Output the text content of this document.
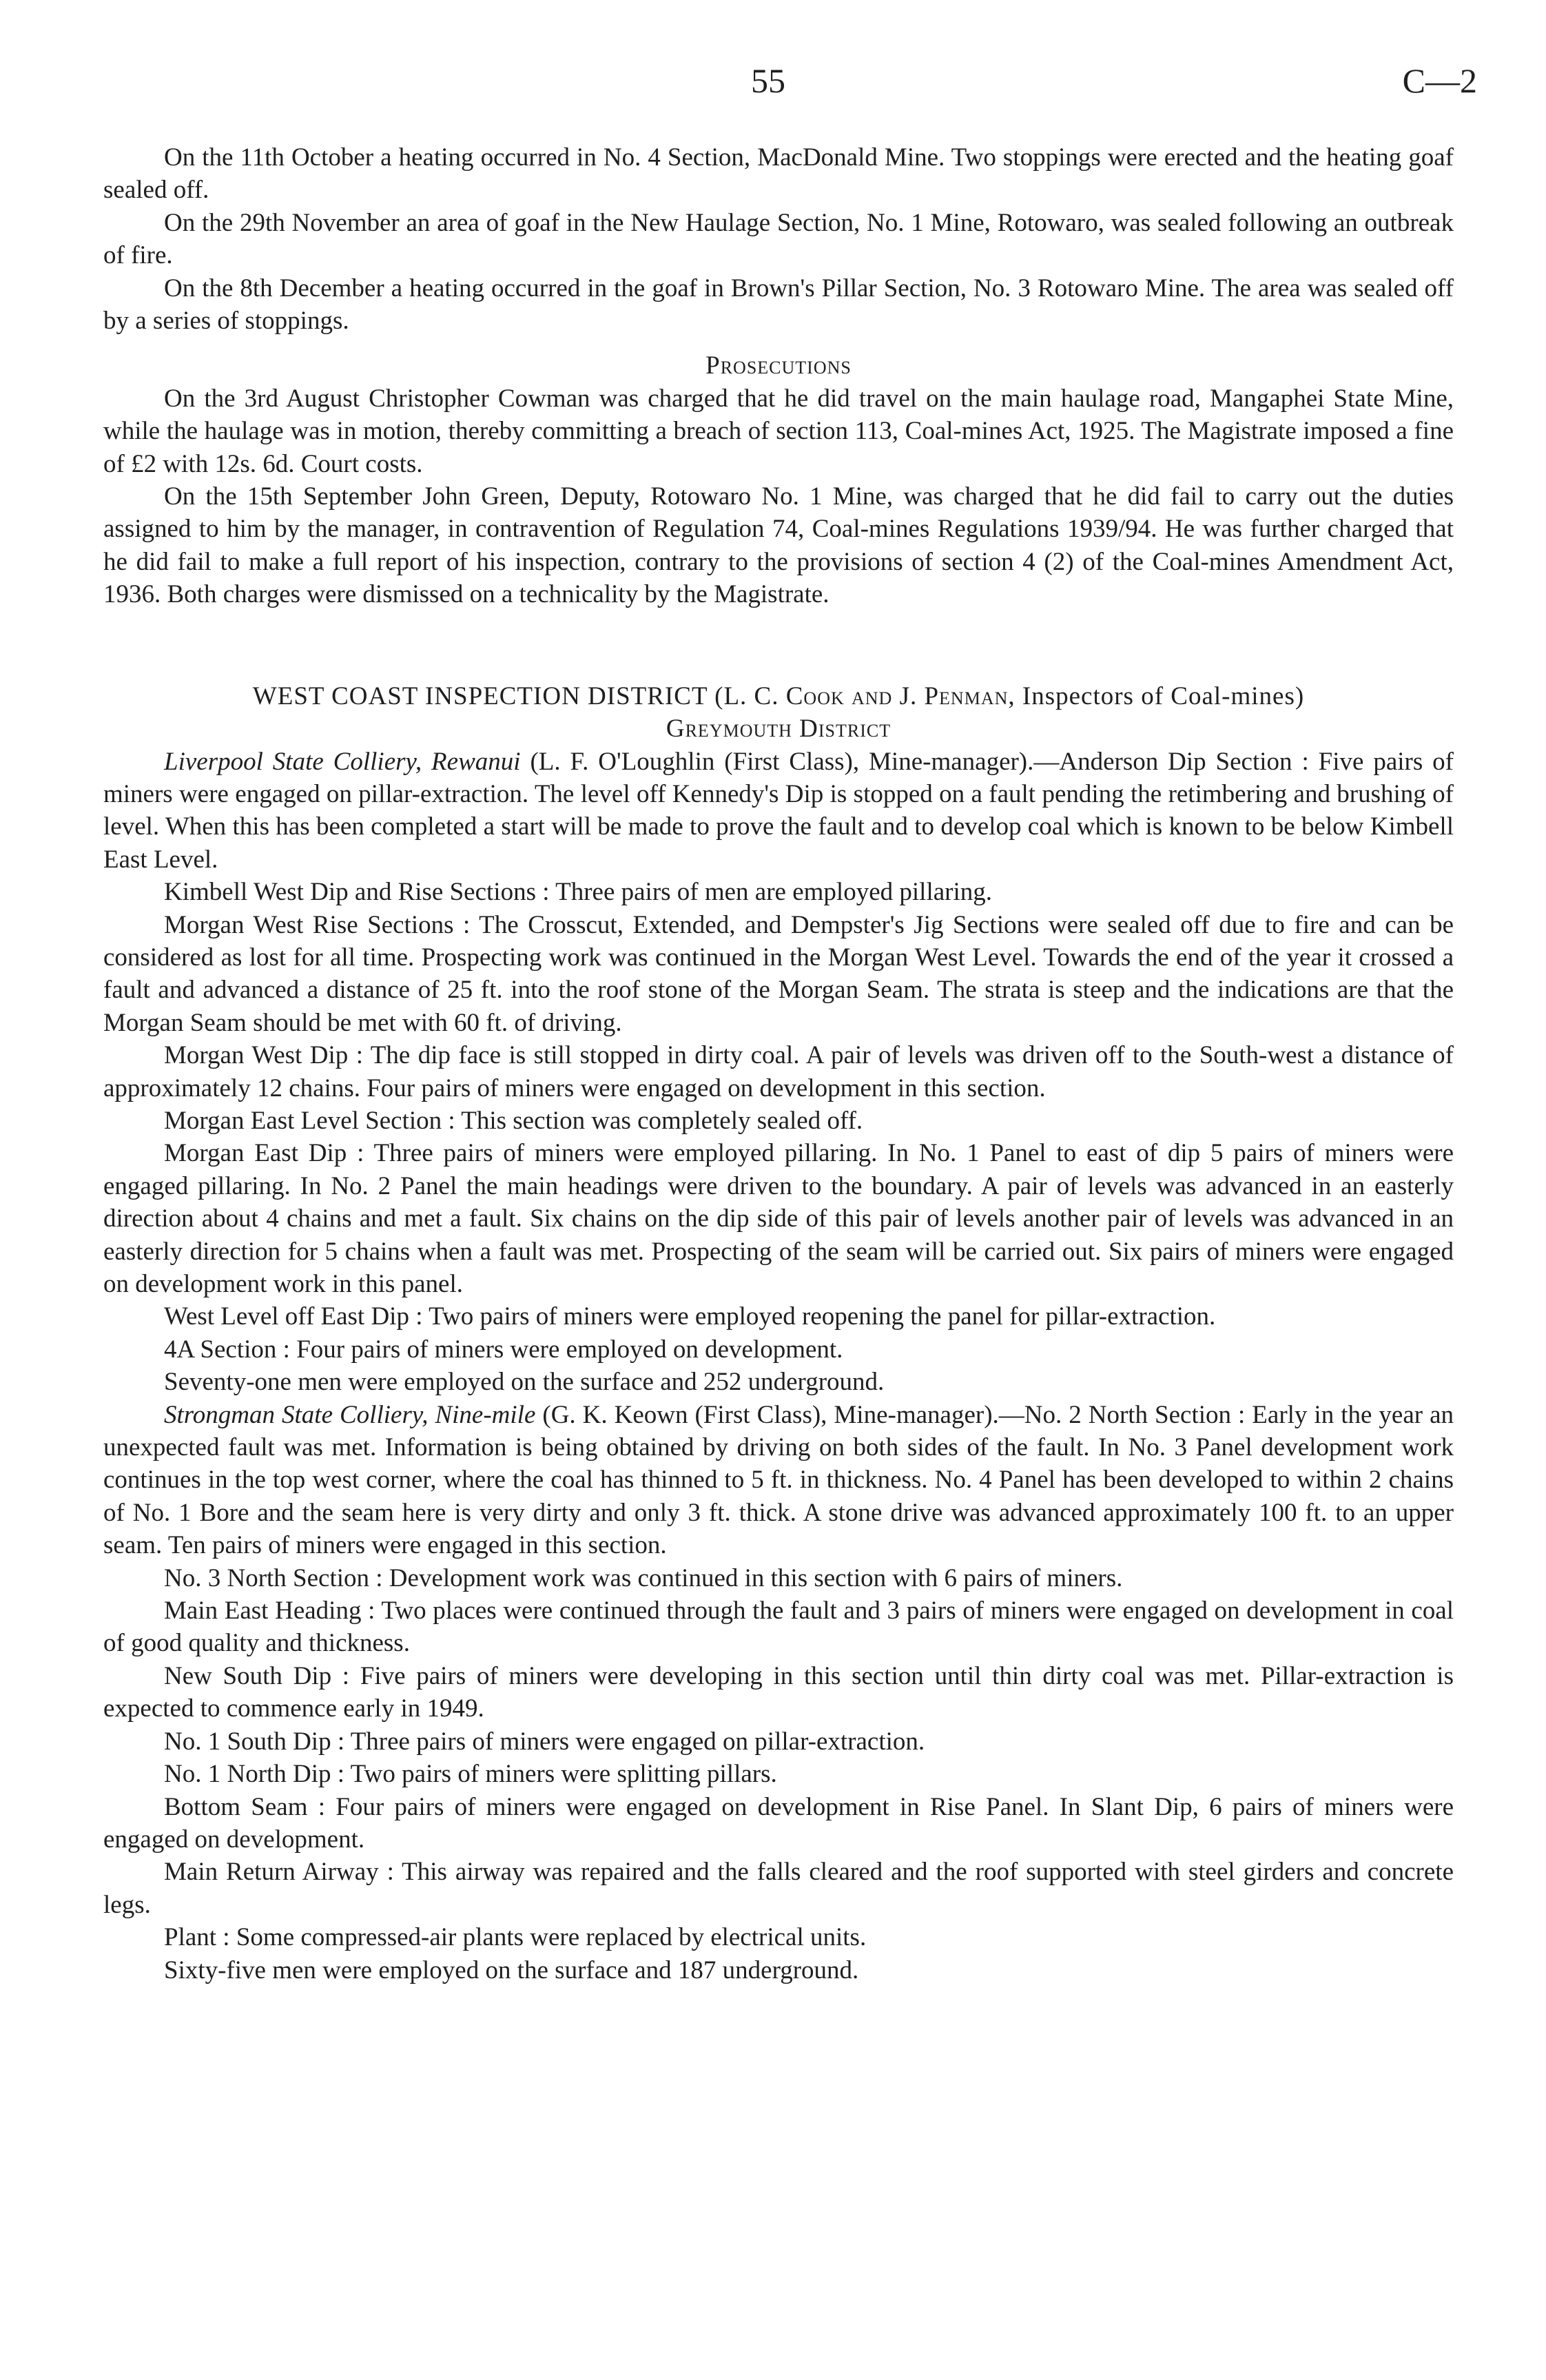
55	C—2

On the 11th October a heating occurred in No. 4 Section, MacDonald Mine. Two stoppings were erected and the heating goaf sealed off.

On the 29th November an area of goaf in the New Haulage Section, No. 1 Mine, Rotowaro, was sealed following an outbreak of fire.

On the 8th December a heating occurred in the goaf in Brown's Pillar Section, No. 3 Rotowaro Mine. The area was sealed off by a series of stoppings.

Prosecutions

On the 3rd August Christopher Cowman was charged that he did travel on the main haulage road, Mangaphei State Mine, while the haulage was in motion, thereby committing a breach of section 113, Coal-mines Act, 1925. The Magistrate imposed a fine of £2 with 12s. 6d. Court costs.

On the 15th September John Green, Deputy, Rotowaro No. 1 Mine, was charged that he did fail to carry out the duties assigned to him by the manager, in contravention of Regulation 74, Coal-mines Regulations 1939/94. He was further charged that he did fail to make a full report of his inspection, contrary to the provisions of section 4 (2) of the Coal-mines Amendment Act, 1936. Both charges were dismissed on a technicality by the Magistrate.

WEST COAST INSPECTION DISTRICT (L. C. Cook and J. Penman, Inspectors of Coal-mines)

Greymouth District

Liverpool State Colliery, Rewanui (L. F. O'Loughlin (First Class), Mine-manager).—Anderson Dip Section : Five pairs of miners were engaged on pillar-extraction. The level off Kennedy's Dip is stopped on a fault pending the retimbering and brushing of level. When this has been completed a start will be made to prove the fault and to develop coal which is known to be below Kimbell East Level.

Kimbell West Dip and Rise Sections : Three pairs of men are employed pillaring.

Morgan West Rise Sections : The Crosscut, Extended, and Dempster's Jig Sections were sealed off due to fire and can be considered as lost for all time. Prospecting work was continued in the Morgan West Level. Towards the end of the year it crossed a fault and advanced a distance of 25 ft. into the roof stone of the Morgan Seam. The strata is steep and the indications are that the Morgan Seam should be met with 60 ft. of driving.

Morgan West Dip : The dip face is still stopped in dirty coal. A pair of levels was driven off to the South-west a distance of approximately 12 chains. Four pairs of miners were engaged on development in this section.

Morgan East Level Section : This section was completely sealed off.

Morgan East Dip : Three pairs of miners were employed pillaring. In No. 1 Panel to east of dip 5 pairs of miners were engaged pillaring. In No. 2 Panel the main headings were driven to the boundary. A pair of levels was advanced in an easterly direction about 4 chains and met a fault. Six chains on the dip side of this pair of levels another pair of levels was advanced in an easterly direction for 5 chains when a fault was met. Prospecting of the seam will be carried out. Six pairs of miners were engaged on development work in this panel.

West Level off East Dip : Two pairs of miners were employed reopening the panel for pillar-extraction.

4A Section : Four pairs of miners were employed on development.

Seventy-one men were employed on the surface and 252 underground.

Strongman State Colliery, Nine-mile (G. K. Keown (First Class), Mine-manager).—No. 2 North Section : Early in the year an unexpected fault was met. Information is being obtained by driving on both sides of the fault. In No. 3 Panel development work continues in the top west corner, where the coal has thinned to 5 ft. in thickness. No. 4 Panel has been developed to within 2 chains of No. 1 Bore and the seam here is very dirty and only 3 ft. thick. A stone drive was advanced approximately 100 ft. to an upper seam. Ten pairs of miners were engaged in this section.

No. 3 North Section : Development work was continued in this section with 6 pairs of miners.

Main East Heading : Two places were continued through the fault and 3 pairs of miners were engaged on development in coal of good quality and thickness.

New South Dip : Five pairs of miners were developing in this section until thin dirty coal was met. Pillar-extraction is expected to commence early in 1949.

No. 1 South Dip : Three pairs of miners were engaged on pillar-extraction.

No. 1 North Dip : Two pairs of miners were splitting pillars.

Bottom Seam : Four pairs of miners were engaged on development in Rise Panel. In Slant Dip, 6 pairs of miners were engaged on development.

Main Return Airway : This airway was repaired and the falls cleared and the roof supported with steel girders and concrete legs.

Plant : Some compressed-air plants were replaced by electrical units.

Sixty-five men were employed on the surface and 187 underground.
